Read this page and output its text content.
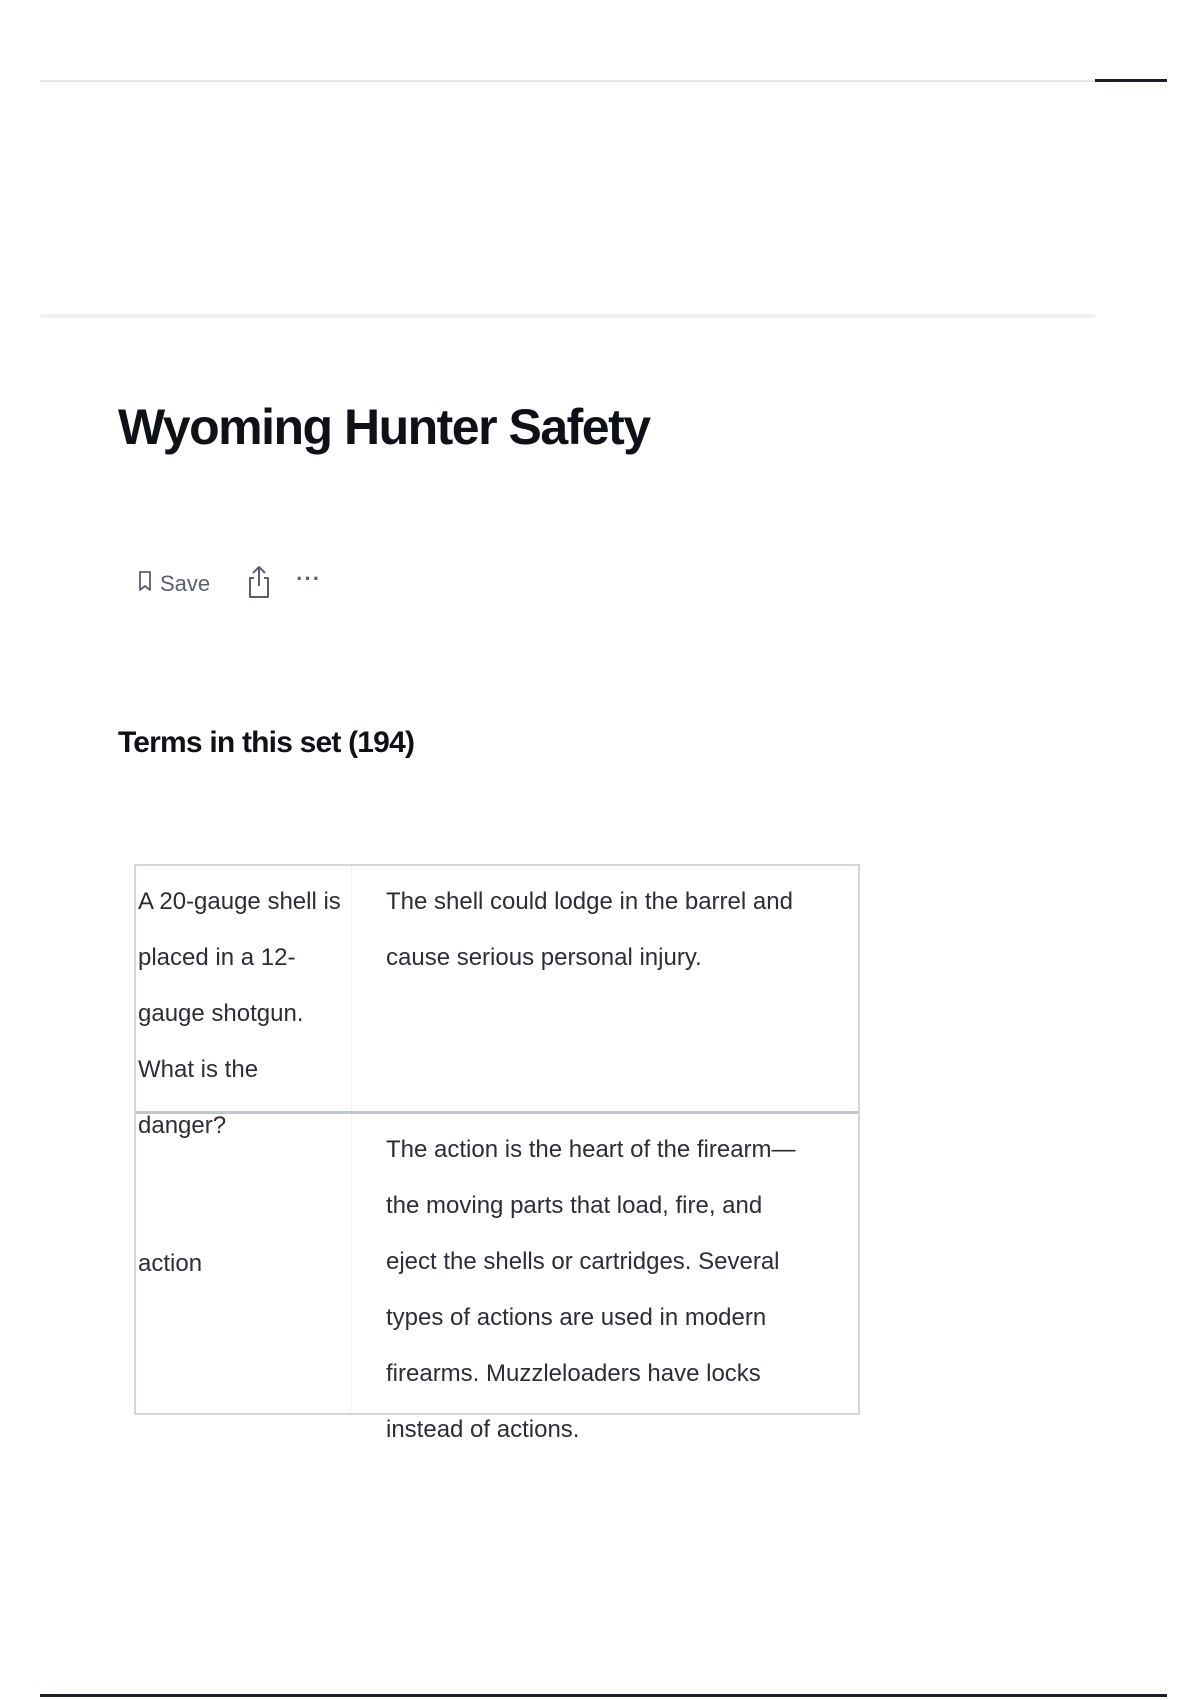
Wyoming Hunter Safety
Save	···
Terms in this set (194)
A 20-gauge shell is placed in a 12-gauge shotgun. What is the danger?
The shell could lodge in the barrel and cause serious personal injury.
action
The action is the heart of the firearm—the moving parts that load, fire, and eject the shells or cartridges. Several types of actions are used in modern firearms. Muzzleloaders have locks instead of actions.
